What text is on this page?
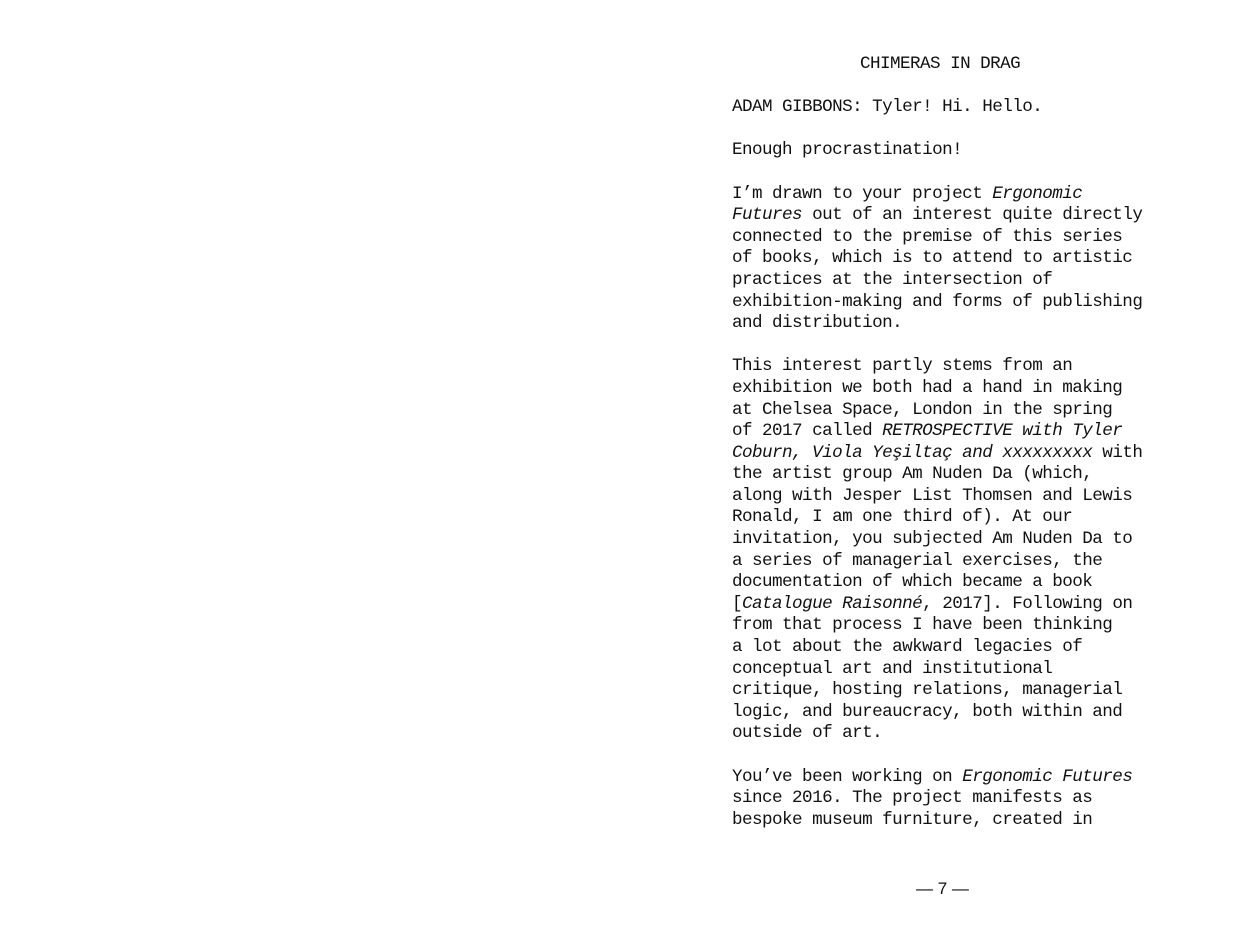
CHIMERAS IN DRAG
ADAM GIBBONS: Tyler! Hi. Hello.
Enough procrastination!
I’m drawn to your project Ergonomic
Futures out of an interest quite directly
connected to the premise of this series
of books, which is to attend to artistic
practices at the intersection of
exhibition-making and forms of publishing
and distribution.
This interest partly stems from an
exhibition we both had a hand in making
at Chelsea Space, London in the spring
of 2017 called RETROSPECTIVE with Tyler
Coburn, Viola Yeşiltaç and xxxxxxxxx with
the artist group Am Nuden Da (which,
along with Jesper List Thomsen and Lewis
Ronald, I am one third of). At our
invitation, you subjected Am Nuden Da to
a series of managerial exercises, the
documentation of which became a book
[Catalogue Raisonné, 2017]. Following on
from that process I have been thinking
a lot about the awkward legacies of
conceptual art and institutional
critique, hosting relations, managerial
logic, and bureaucracy, both within and
outside of art.
You’ve been working on Ergonomic Futures
since 2016. The project manifests as
bespoke museum furniture, created in
— 7 —
